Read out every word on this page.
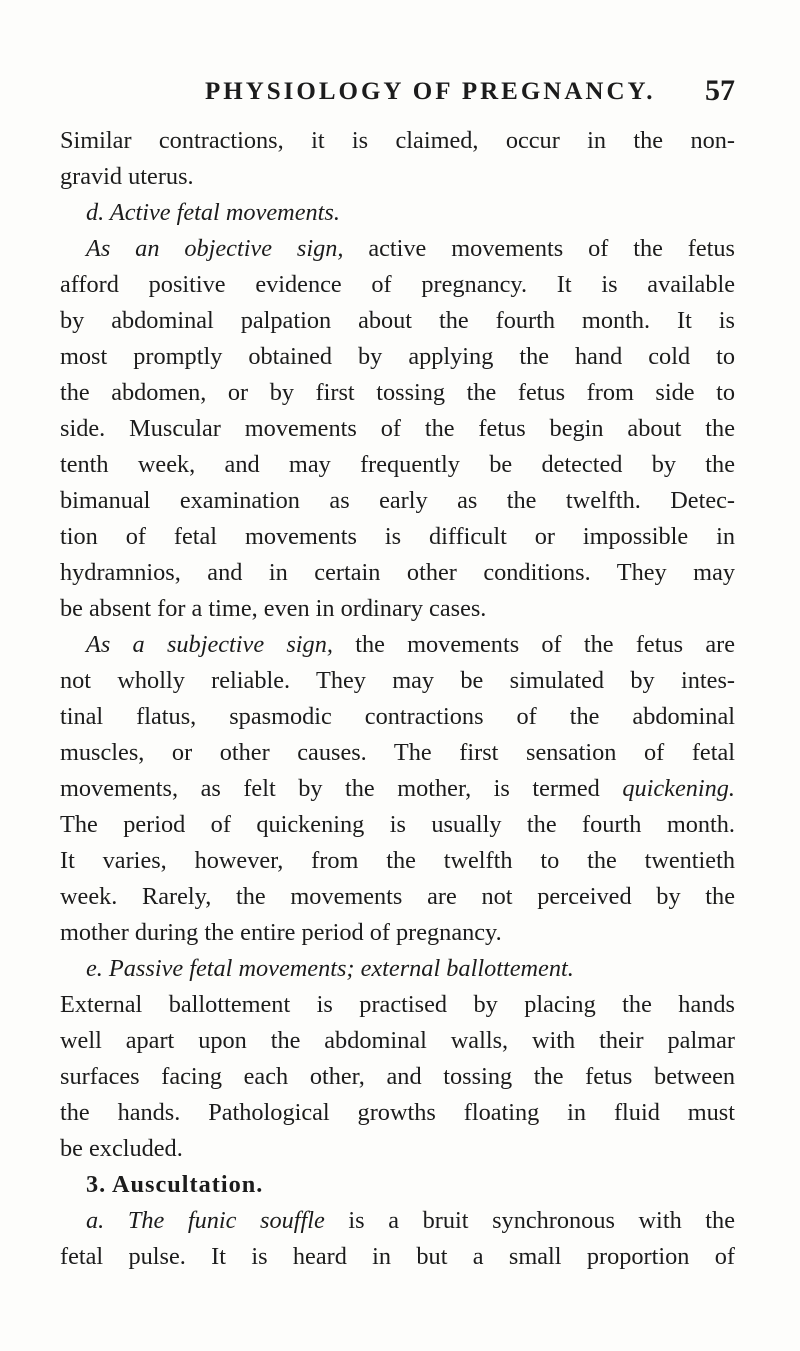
PHYSIOLOGY OF PREGNANCY. 57
Similar contractions, it is claimed, occur in the non-
gravid uterus.
d. Active fetal movements.
As an objective sign, active movements of the fetus
afford positive evidence of pregnancy. It is available
by abdominal palpation about the fourth month. It is
most promptly obtained by applying the hand cold to
the abdomen, or by first tossing the fetus from side to
side. Muscular movements of the fetus begin about the
tenth week, and may frequently be detected by the
bimanual examination as early as the twelfth. Detec-
tion of fetal movements is difficult or impossible in
hydramnios, and in certain other conditions. They may
be absent for a time, even in ordinary cases.
As a subjective sign, the movements of the fetus are
not wholly reliable. They may be simulated by intes-
tinal flatus, spasmodic contractions of the abdominal
muscles, or other causes. The first sensation of fetal
movements, as felt by the mother, is termed quickening.
The period of quickening is usually the fourth month.
It varies, however, from the twelfth to the twentieth
week. Rarely, the movements are not perceived by the
mother during the entire period of pregnancy.
e. Passive fetal movements; external ballottement.
External ballottement is practised by placing the hands
well apart upon the abdominal walls, with their palmar
surfaces facing each other, and tossing the fetus between
the hands. Pathological growths floating in fluid must
be excluded.
3. Auscultation.
a. The funic souffle is a bruit synchronous with the
fetal pulse. It is heard in but a small proportion of
